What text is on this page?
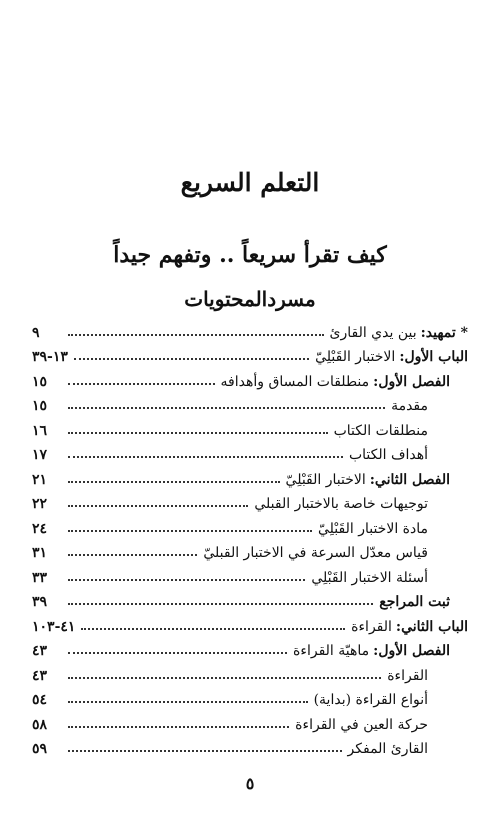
التعلم السريع
كيف تقرأ سريعاً .. وتفهم جيداً
مسردالمحتويات
* تمهيد:
بين يدي القارئ
٩
الباب الأول:
الاختبار القَبْلِيّ
١٣-٣٩
الفصل الأول:
منطلقات المساق وأهدافه
١٥
مقدمة
١٥
منطلقات الكتاب
١٦
أهداف الكتاب
١٧
الفصل الثاني:
الاختبار القَبْلِيّ
٢١
توجيهات خاصة بالاختبار القبلي
٢٢
مادة الاختبار القَبْلِيّ
٢٤
قياس معدّل السرعة في الاختبار القبليّ
٣١
أسئلة الاختبار القَبْلِي
٣٣
ثبت المراجع
٣٩
الباب الثاني:
القراءة
٤١-١٠٣
الفصل الأول:
ماهيّة القراءة
٤٣
القراءة
٤٣
أنواع القراءة (بداية)
٥٤
حركة العين في القراءة
٥٨
القارئ المفكر
٥٩
٥
